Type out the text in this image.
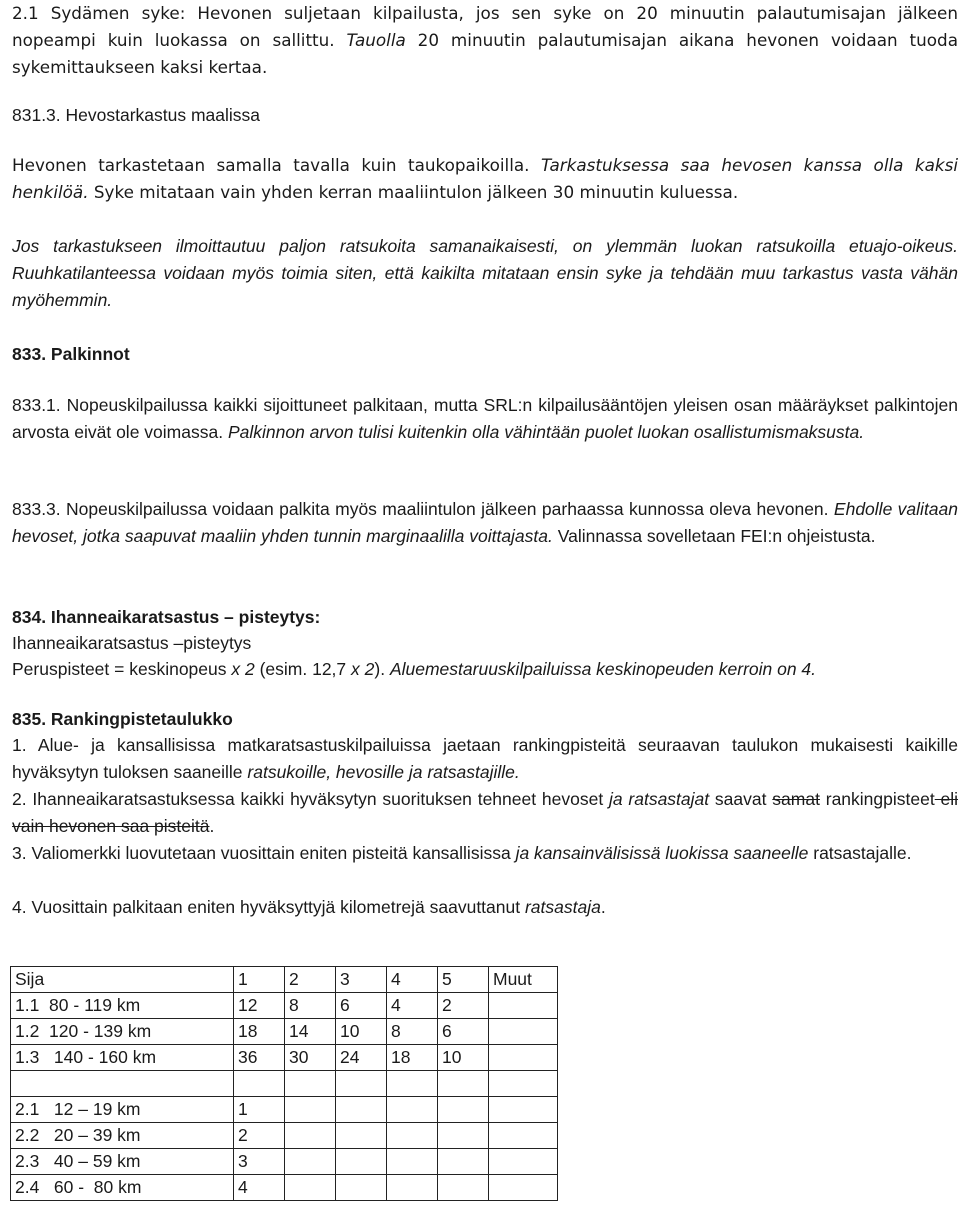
2.1 Sydämen syke: Hevonen suljetaan kilpailusta, jos sen syke on 20 minuutin palautumisajan jälkeen nopeampi kuin luokassa on sallittu. Tauolla 20 minuutin palautumisajan aikana hevonen voidaan tuoda sykemittaukseen kaksi kertaa.

831.3. Hevostarkastus maalissa

Hevonen tarkastetaan samalla tavalla kuin taukopaikoilla. Tarkastuksessa saa hevosen kanssa olla kaksi henkilöä. Syke mitataan vain yhden kerran maaliintulon jälkeen 30 minuutin kuluessa.

Jos tarkastukseen ilmoittautuu paljon ratsukoita samanaikaisesti, on ylemmän luokan ratsukoilla etuajo-oikeus. Ruuhkatilanteessa voidaan myös toimia siten, että kaikilta mitataan ensin syke ja tehdään muu tarkastus vasta vähän myöhemmin.

833. Palkinnot

833.1. Nopeuskilpailussa kaikki sijoittuneet palkitaan, mutta SRL:n kilpailusääntöjen yleisen osan määräykset palkintojen arvosta eivät ole voimassa. Palkinnon arvon tulisi kuitenkin olla vähintään puolet luokan osallistumismaksusta.

833.3. Nopeuskilpailussa voidaan palkita myös maaliintulon jälkeen parhaassa kunnossa oleva hevonen. Ehdolle valitaan hevoset, jotka saapuvat maaliin yhden tunnin marginaalilla voittajasta. Valinnassa sovelletaan FEI:n ohjeistusta.

834. Ihanneaikaratsastus – pisteytys:
Ihanneaikaratsastus –pisteytys

Peruspisteet = keskinopeus x 2 (esim. 12,7 x 2). Aluemestaruuskilpailuissa keskinopeuden kerroin on 4.

835. Rankingpistetaulukko

1. Alue- ja kansallisissa matkaratsastuskilpailuissa jaetaan rankingpisteitä seuraavan taulukon mukaisesti kaikille hyväksytyn tuloksen saaneille ratsukoille, hevosille ja ratsastajille.

2. Ihanneaikaratsastuksessa kaikki hyväksytyn suorituksen tehneet hevoset ja ratsastajat saavat samat rankingpisteet eli vain hevonen saa pisteitä.

3. Valiomerkki luovutetaan vuosittain eniten pisteitä kansallisissa ja kansainvälisissä luokissa saaneelle ratsastajalle.

4. Vuosittain palkitaan eniten hyväksyttyjä kilometrejä saavuttanut ratsastaja.

Sija	1	2	3	4	5	Muut
1.1  80 - 119 km	12	8	6	4	2	
1.2  120 - 139 km	18	14	10	8	6	
1.3   140 - 160 km	36	30	24	18	10	

2.1   12 – 19 km	1					
2.2   20 – 39 km	2					
2.3   40 – 59 km	3					
2.4   60 -  80 km	4					
